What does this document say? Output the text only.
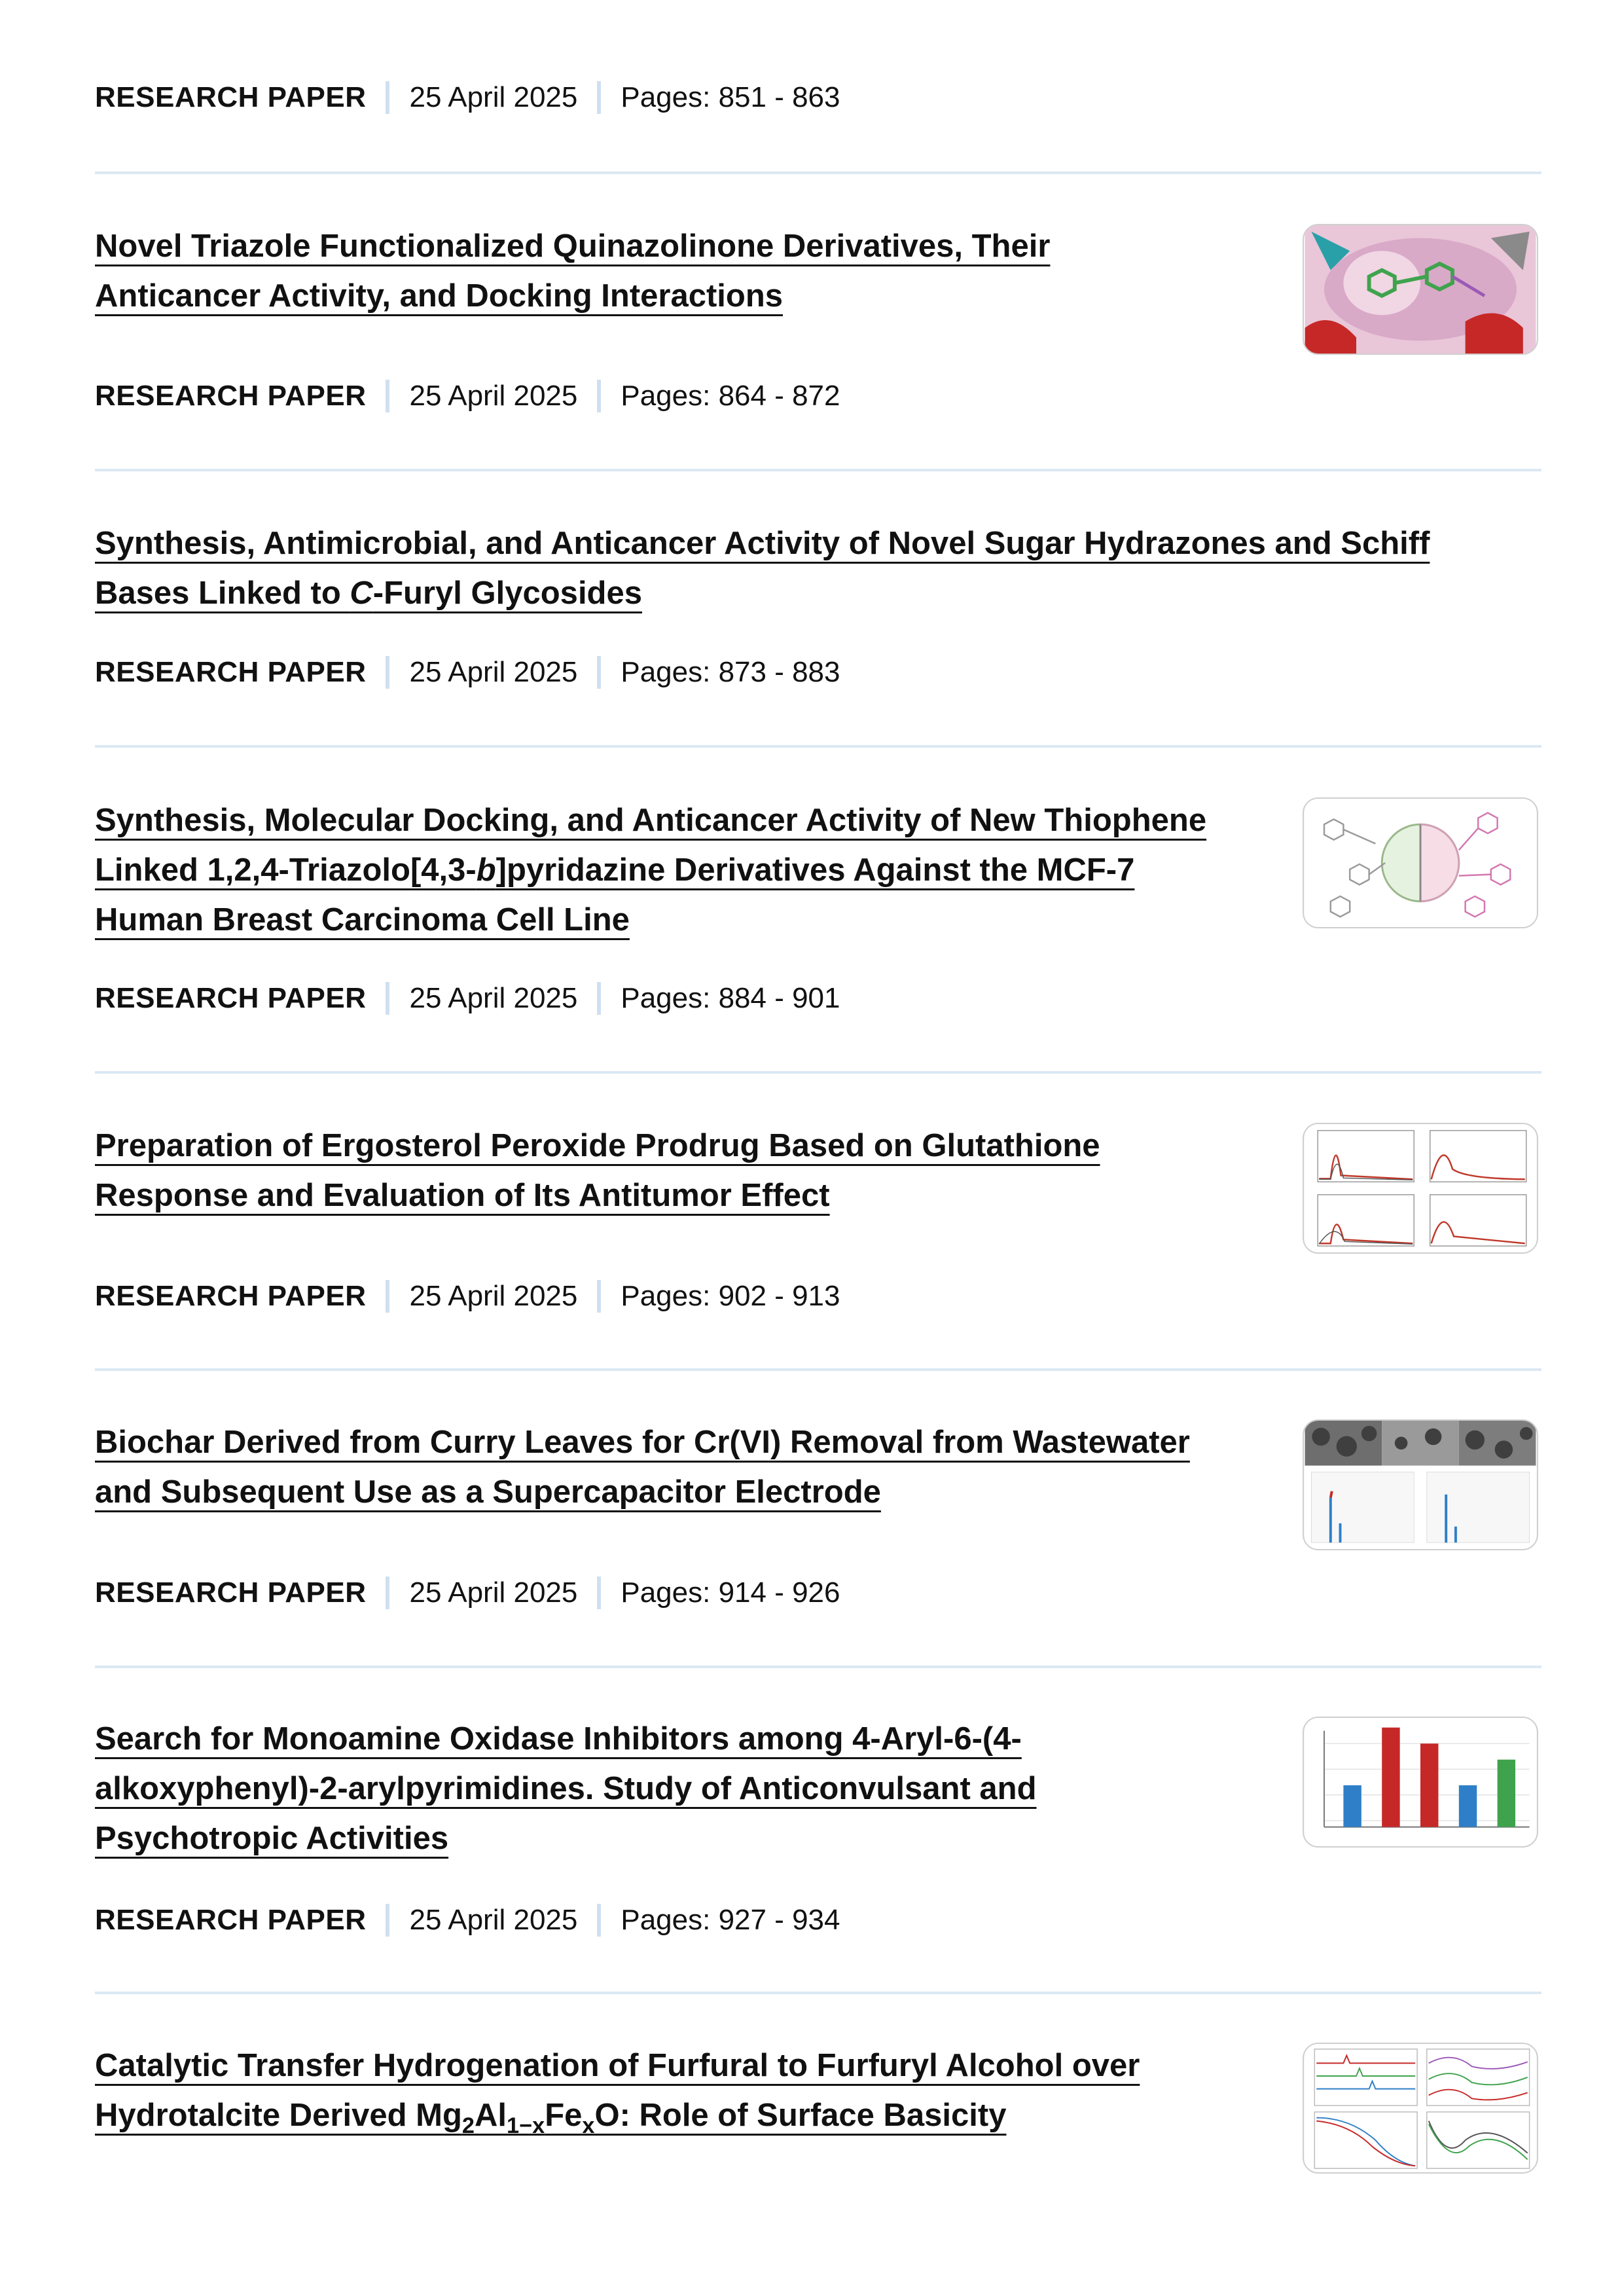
RESEARCH PAPER 25 April 2025 Pages: 851 - 863
Novel Triazole Functionalized Quinazolinone Derivatives, Their
Anticancer Activity, and Docking Interactions
RESEARCH PAPER 25 April 2025 Pages: 864 - 872
Synthesis, Antimicrobial, and Anticancer Activity of Novel Sugar Hydrazones and Schiff
Bases Linked to C-Furyl Glycosides
RESEARCH PAPER 25 April 2025 Pages: 873 - 883
Synthesis, Molecular Docking, and Anticancer Activity of New Thiophene
Linked 1,2,4-Triazolo[4,3-b]pyridazine Derivatives Against the MCF-7
Human Breast Carcinoma Cell Line
RESEARCH PAPER 25 April 2025 Pages: 884 - 901
Preparation of Ergosterol Peroxide Prodrug Based on Glutathione
Response and Evaluation of Its Antitumor Effect
RESEARCH PAPER 25 April 2025 Pages: 902 - 913
Biochar Derived from Curry Leaves for Cr(VI) Removal from Wastewater
and Subsequent Use as a Supercapacitor Electrode
RESEARCH PAPER 25 April 2025 Pages: 914 - 926
Search for Monoamine Oxidase Inhibitors among 4-Aryl-6-(4-
alkoxyphenyl)-2-arylpyrimidines. Study of Anticonvulsant and
Psychotropic Activities
RESEARCH PAPER 25 April 2025 Pages: 927 - 934
Catalytic Transfer Hydrogenation of Furfural to Furfuryl Alcohol over
Hydrotalcite Derived $Mg_2Al_{1-x}Fe_xO$: Role of Surface Basicity
